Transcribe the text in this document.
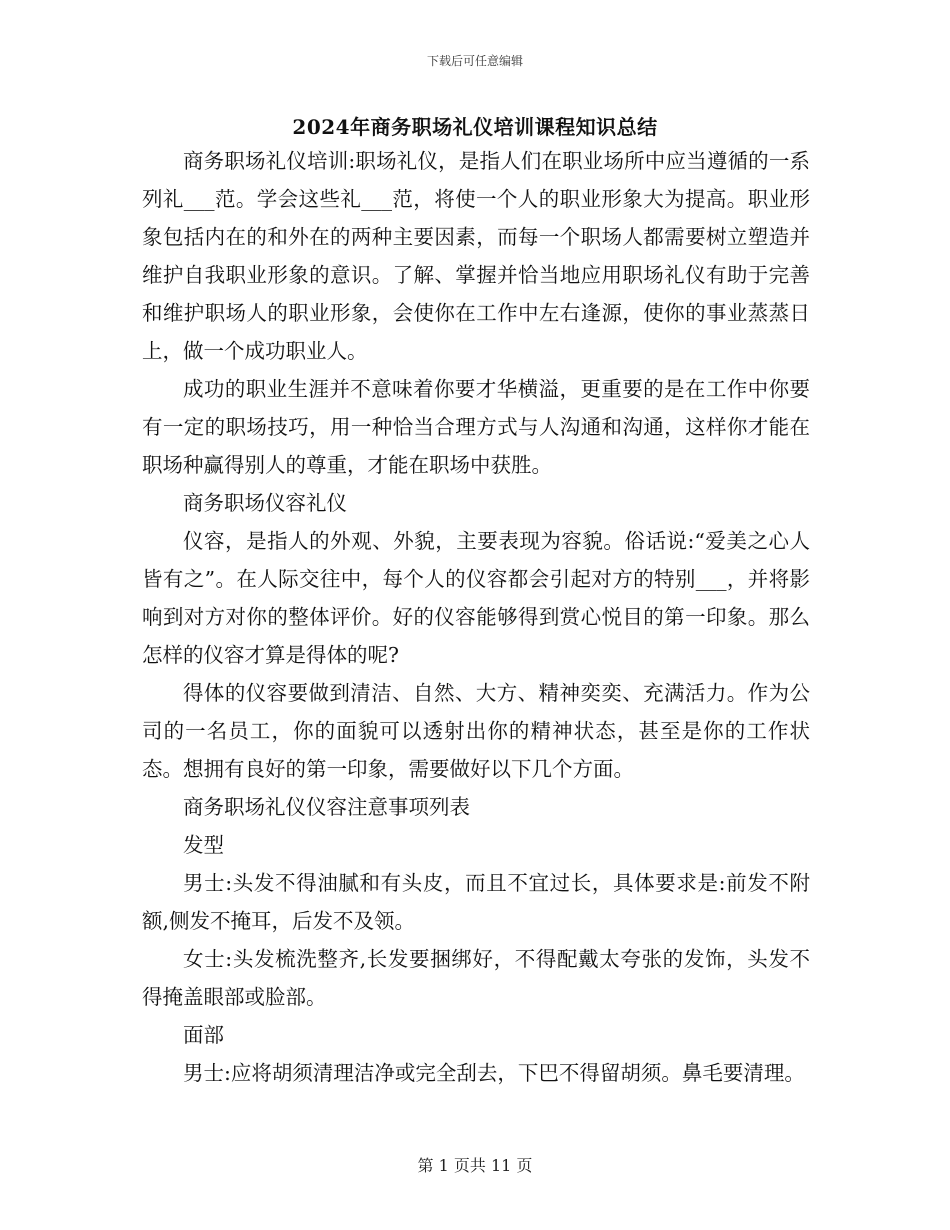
下载后可任意编辑
2024年商务职场礼仪培训课程知识总结

商务职场礼仪培训:职场礼仪，是指人们在职业场所中应当遵循的一系列礼___范。学会这些礼___范，将使一个人的职业形象大为提高。职业形象包括内在的和外在的两种主要因素，而每一个职场人都需要树立塑造并维护自我职业形象的意识。了解、掌握并恰当地应用职场礼仪有助于完善和维护职场人的职业形象，会使你在工作中左右逢源，使你的事业蒸蒸日上，做一个成功职业人。

成功的职业生涯并不意味着你要才华横溢，更重要的是在工作中你要有一定的职场技巧，用一种恰当合理方式与人沟通和沟通，这样你才能在职场种赢得别人的尊重，才能在职场中获胜。

商务职场仪容礼仪

仪容，是指人的外观、外貌，主要表现为容貌。俗话说:“爱美之心人皆有之”。在人际交往中，每个人的仪容都会引起对方的特别___，并将影响到对方对你的整体评价。好的仪容能够得到赏心悦目的第一印象。那么怎样的仪容才算是得体的呢?

得体的仪容要做到清洁、自然、大方、精神奕奕、充满活力。作为公司的一名员工，你的面貌可以透射出你的精神状态，甚至是你的工作状态。想拥有良好的第一印象，需要做好以下几个方面。

商务职场礼仪仪容注意事项列表

发型

男士:头发不得油腻和有头皮，而且不宜过长，具体要求是:前发不附额,侧发不掩耳，后发不及领。

女士:头发梳洗整齐,长发要捆绑好，不得配戴太夸张的发饰，头发不得掩盖眼部或脸部。

面部

男士:应将胡须清理洁净或完全刮去，下巴不得留胡须。鼻毛要清理。

第 1 页共 11 页
